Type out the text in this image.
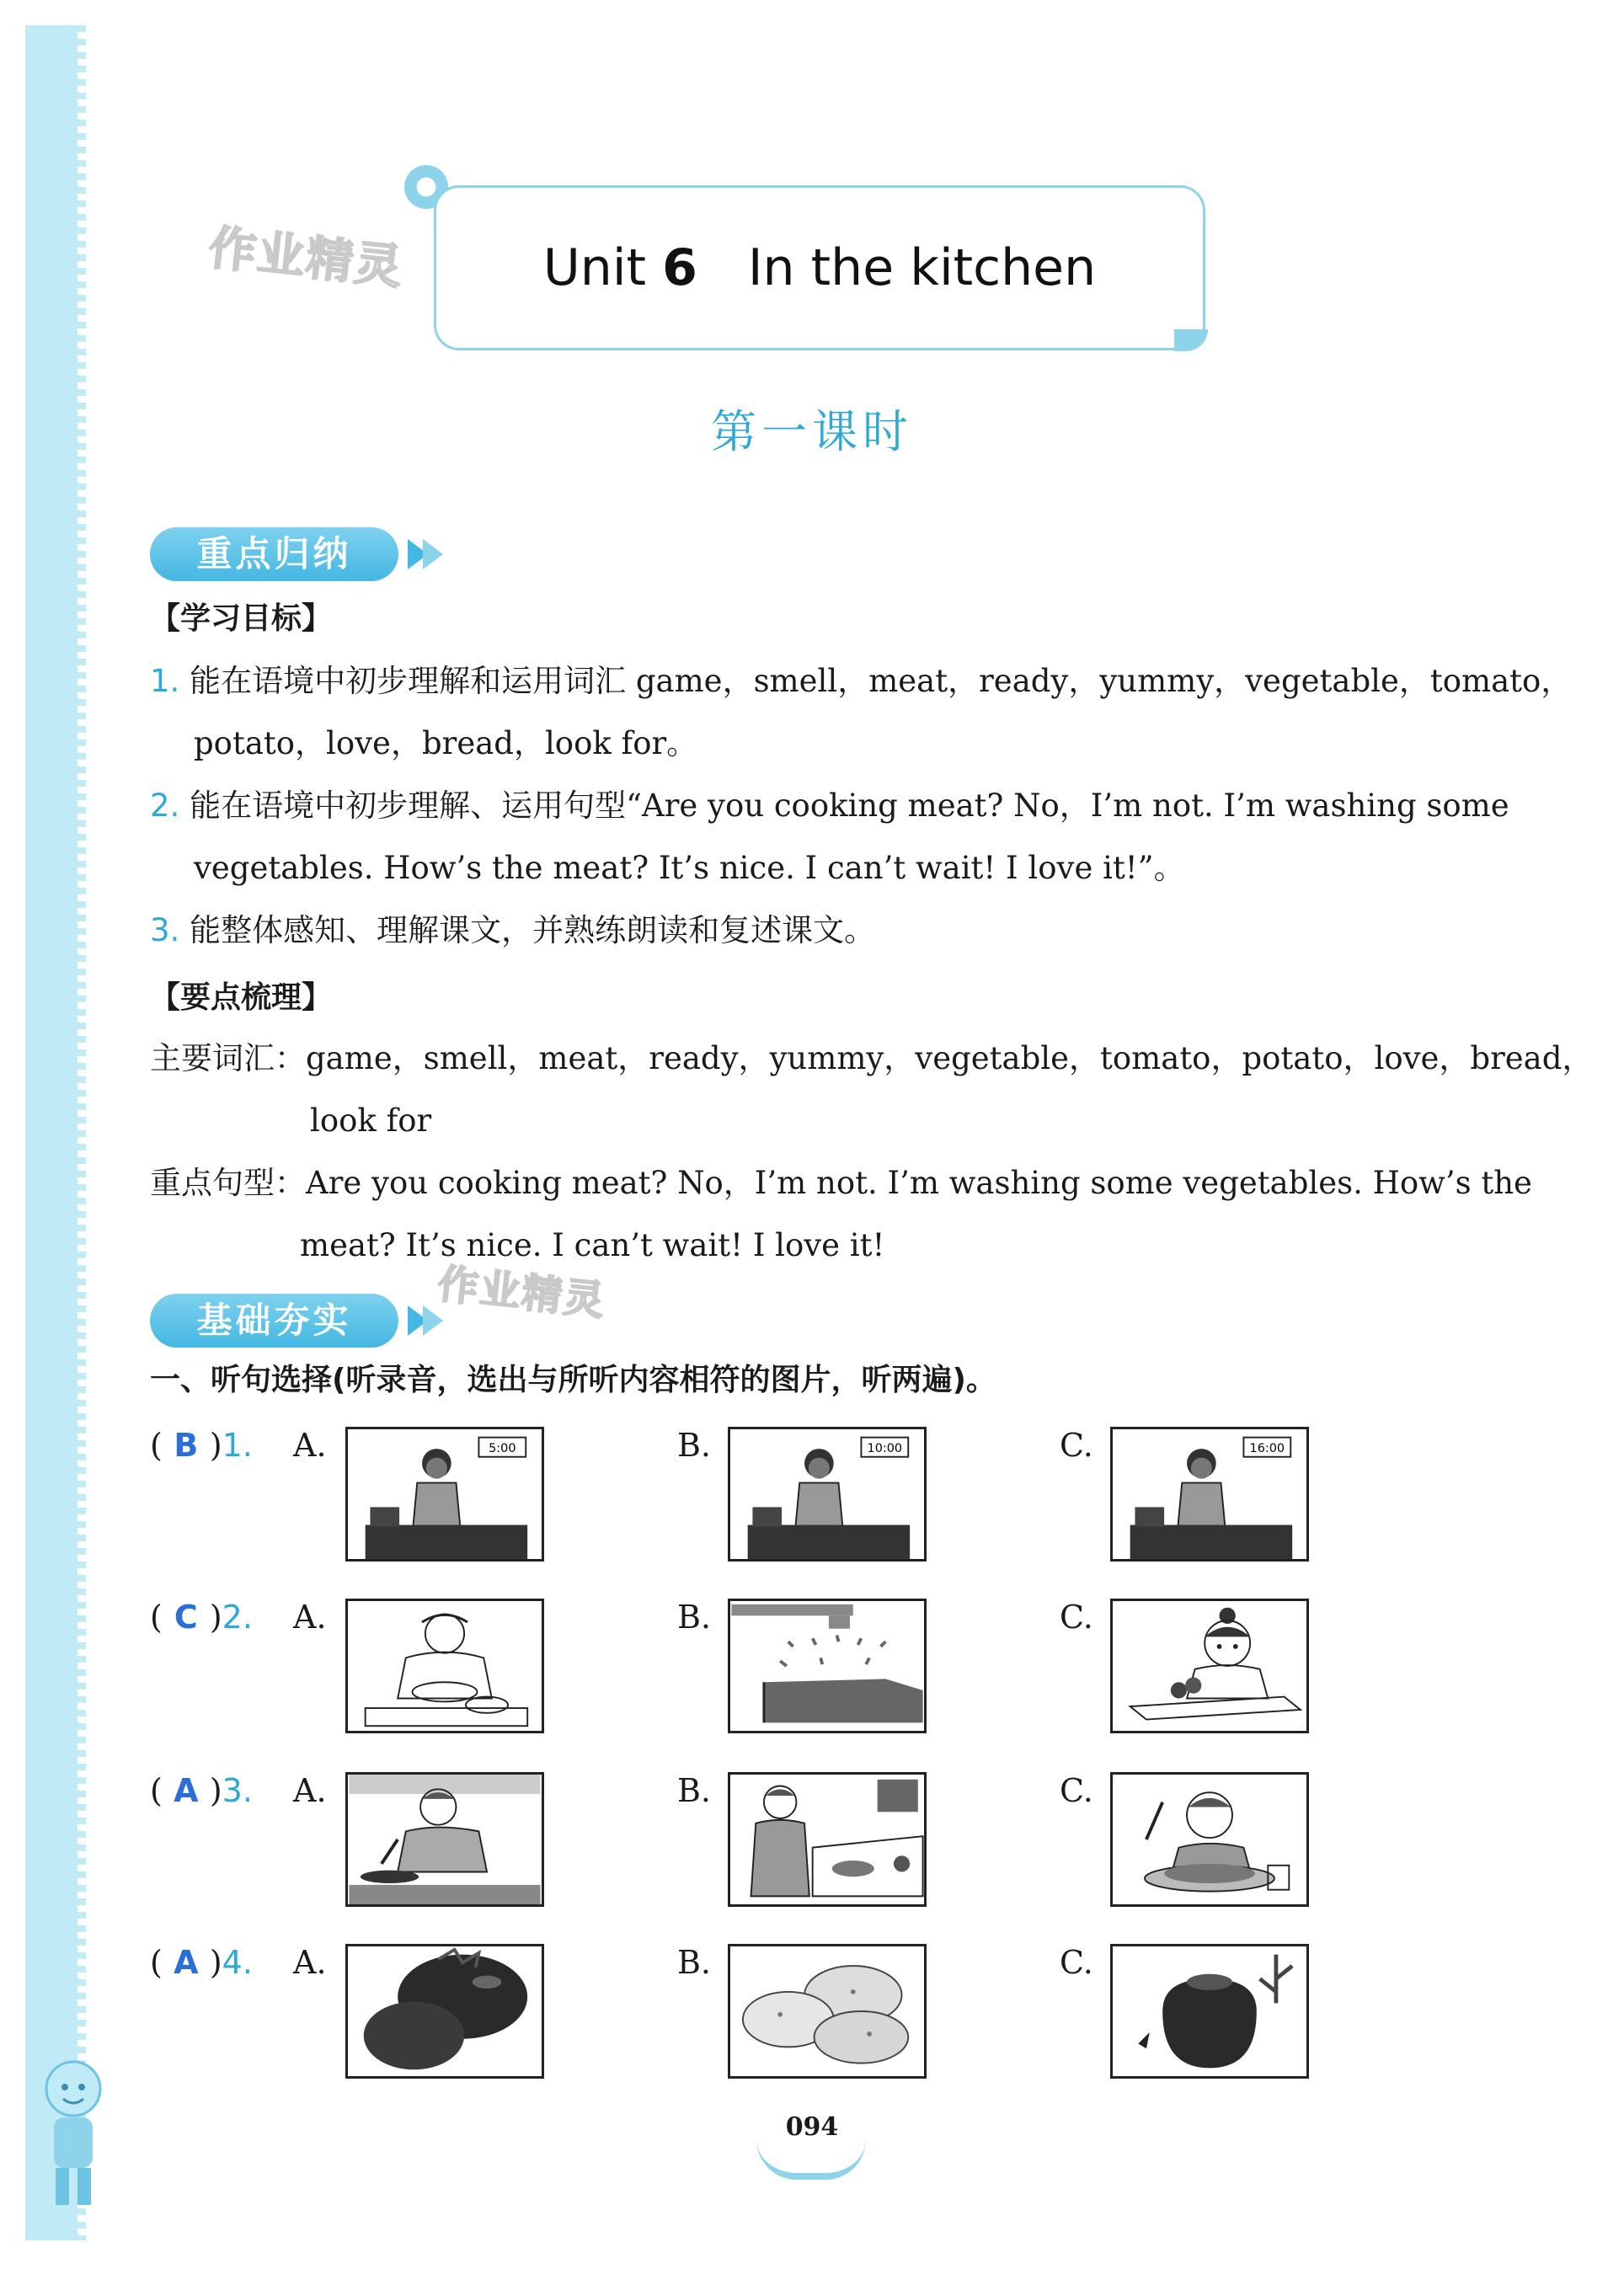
作业精灵	Unit 6 In the kitchen
第一课时
重点归纳
【学习目标】
1. 能在语境中初步理解和运用词汇 game，smell，meat，ready，yummy，vegetable，tomato，
potato，love，bread，look for。
2. 能在语境中初步理解、运用句型“Are you cooking meat? No，I’m not. I’m washing some
vegetables. How’s the meat? It’s nice. I can’t wait! I love it!”。
3. 能整体感知、理解课文，并熟练朗读和复述课文。
【要点梳理】
主要词汇：game，smell，meat，ready，yummy，vegetable，tomato，potato，love，bread，
look for
重点句型：Are you cooking meat? No，I’m not. I’m washing some vegetables. How’s the
meat? It’s nice. I can’t wait! I love it!
基础夯实	作业精灵
一、听句选择(听录音，选出与所听内容相符的图片，听两遍)。
( B )1. A.	5:00	B.	10:00	C.	16:00
( C )2. A.	B.	C.
( A )3. A.	B.	C.
( A )4. A.	B.	C.
094
